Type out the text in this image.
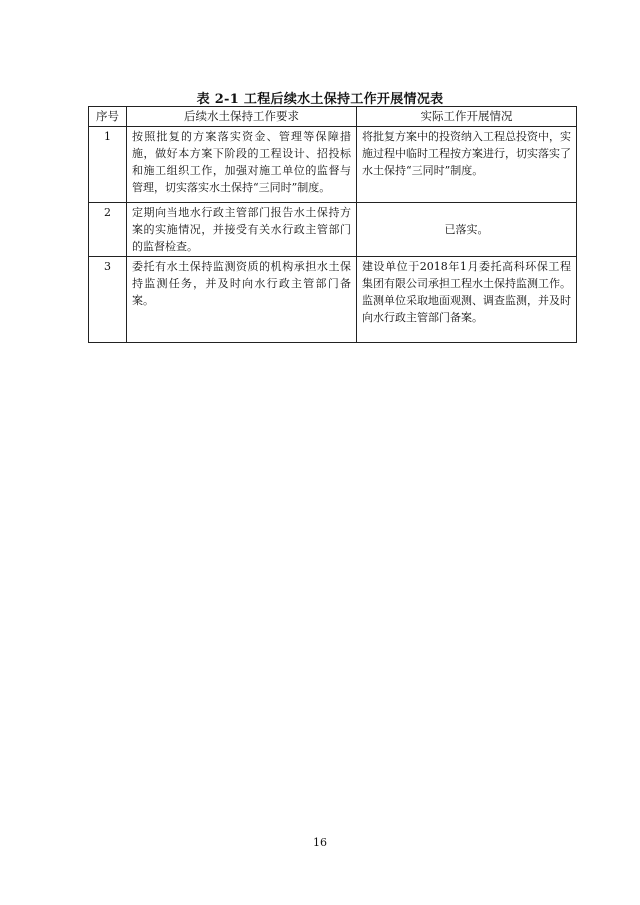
表 2-1 工程后续水土保持工作开展情况表
序号	后续水土保持工作要求	实际工作开展情况
1	按照批复的方案落实资金、管理等保障措施，做好本方案下阶段的工程设计、招投标和施工组织工作，加强对施工单位的监督与管理，切实落实水土保持“三同时”制度。	将批复方案中的投资纳入工程总投资中，实施过程中临时工程按方案进行，切实落实了水土保持“三同时”制度。
2	定期向当地水行政主管部门报告水土保持方案的实施情况，并接受有关水行政主管部门的监督检查。	已落实。
3	委托有水土保持监测资质的机构承担水土保持监测任务，并及时向水行政主管部门备案。	建设单位于2018年1月委托高科环保工程集团有限公司承担工程水土保持监测工作。监测单位采取地面观测、调查监测，并及时向水行政主管部门备案。
16
